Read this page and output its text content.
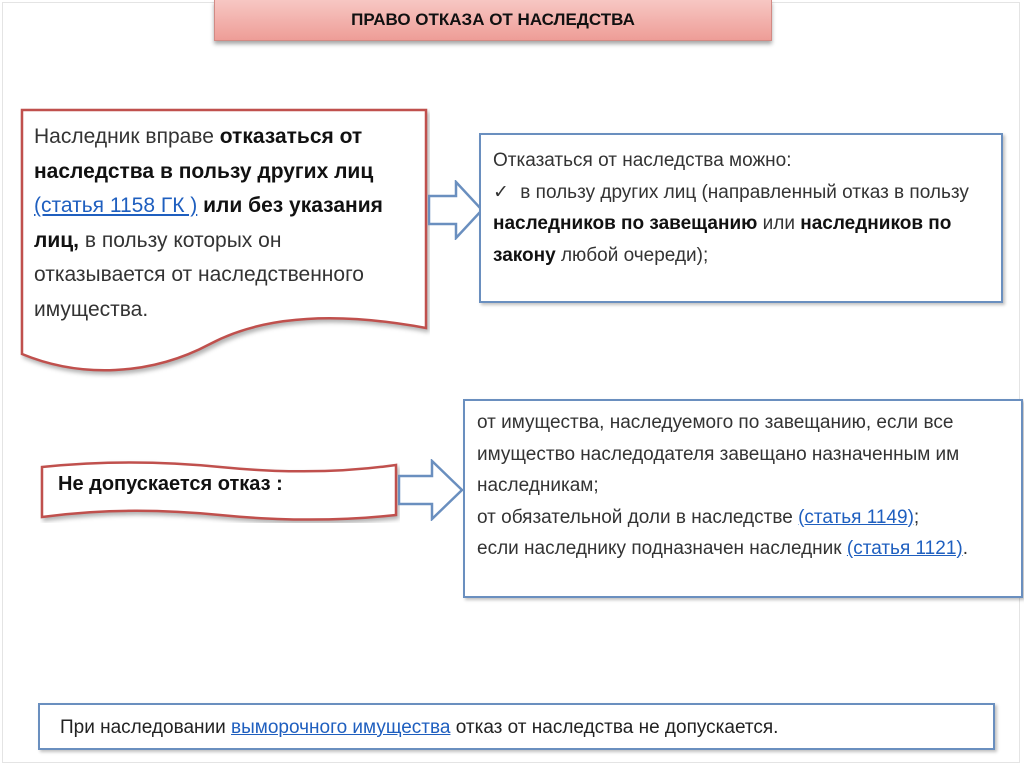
ПРАВО ОТКАЗА ОТ НАСЛЕДСТВА
Наследник вправе отказаться от наследства в пользу других лиц (статья 1158 ГК ) или без указания лиц, в пользу которых он отказывается от наследственного имущества.
Отказаться от наследства можно:
✓ в пользу других лиц (направленный отказ в пользу наследников по завещанию или наследников по закону любой очереди);
Не допускается отказ :
от имущества, наследуемого по завещанию, если все имущество наследодателя завещано назначенным им наследникам;
от обязательной доли в наследстве (статья 1149);
если наследнику подназначен наследник (статья 1121).
При наследовании выморочного имущества отказ от наследства не допускается.
